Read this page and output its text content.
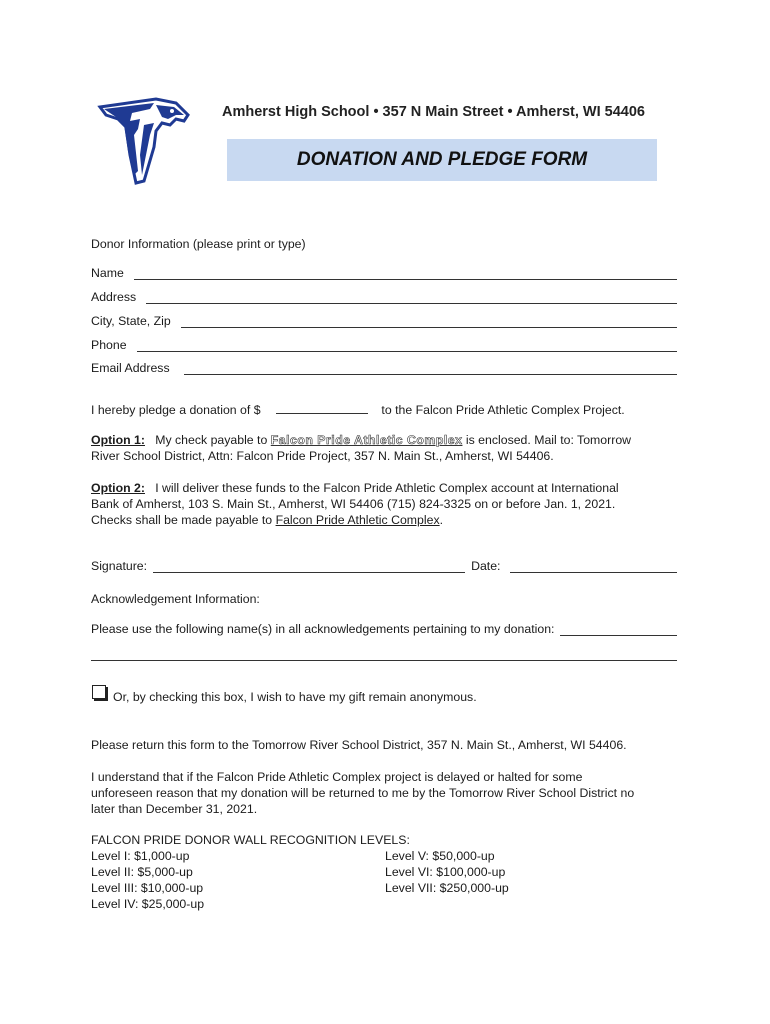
Amherst High School • 357 N Main Street • Amherst, WI 54406
DONATION AND PLEDGE FORM
Donor Information (please print or type)
Name
Address
City, State, Zip
Phone
Email Address
I hereby pledge a donation of $	to the Falcon Pride Athletic Complex Project.
Option 1: My check payable to Falcon Pride Athletic Complex is enclosed. Mail to: Tomorrow
River School District, Attn: Falcon Pride Project, 357 N. Main St., Amherst, WI 54406.
Option 2: I will deliver these funds to the Falcon Pride Athletic Complex account at International
Bank of Amherst, 103 S. Main St., Amherst, WI 54406 (715) 824-3325 on or before Jan. 1, 2021.
Checks shall be made payable to Falcon Pride Athletic Complex.
Signature:	Date:
Acknowledgement Information:
Please use the following name(s) in all acknowledgements pertaining to my donation:
Or, by checking this box, I wish to have my gift remain anonymous.
Please return this form to the Tomorrow River School District, 357 N. Main St., Amherst, WI 54406.
I understand that if the Falcon Pride Athletic Complex project is delayed or halted for some
unforeseen reason that my donation will be returned to me by the Tomorrow River School District no
later than December 31, 2021.
FALCON PRIDE DONOR WALL RECOGNITION LEVELS:
Level I: $1,000-up
Level II: $5,000-up
Level III: $10,000-up
Level IV: $25,000-up
Level V: $50,000-up
Level VI: $100,000-up
Level VII: $250,000-up
